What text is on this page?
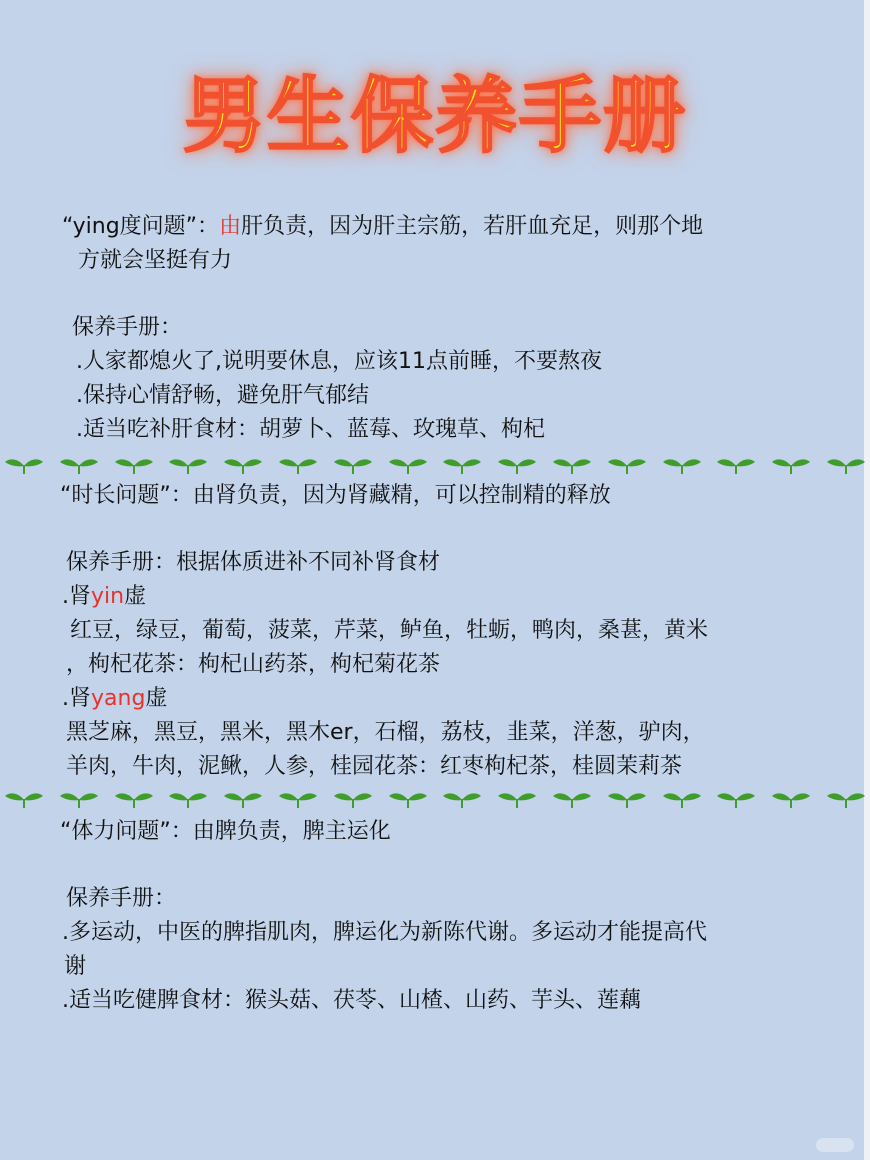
男生保养手册
“ying度问题”：由肝负责，因为肝主宗筋，若肝血充足，则那个地
方就会坚挺有力
保养手册：
.人家都熄火了,说明要休息，应该11点前睡，不要熬夜
.保持心情舒畅，避免肝气郁结
.适当吃补肝食材：胡萝卜、蓝莓、玫瑰草、枸杞
“时长问题”：由肾负责，因为肾藏精，可以控制精的释放
保养手册：根据体质进补不同补肾食材
.肾yin虚
红豆，绿豆，葡萄，菠菜，芹菜，鲈鱼，牡蛎，鸭肉，桑葚，黄米
，枸杞花茶：枸杞山药茶，枸杞菊花茶
.肾yang虚
黑芝麻，黑豆，黑米，黑木er，石榴，荔枝，韭菜，洋葱，驴肉，
羊肉，牛肉，泥鳅，人参，桂园花茶：红枣枸杞茶，桂圆茉莉茶
“体力问题”：由脾负责，脾主运化
保养手册：
.多运动，中医的脾指肌肉，脾运化为新陈代谢。多运动才能提高代
谢
.适当吃健脾食材：猴头菇、茯苓、山楂、山药、芋头、莲藕
